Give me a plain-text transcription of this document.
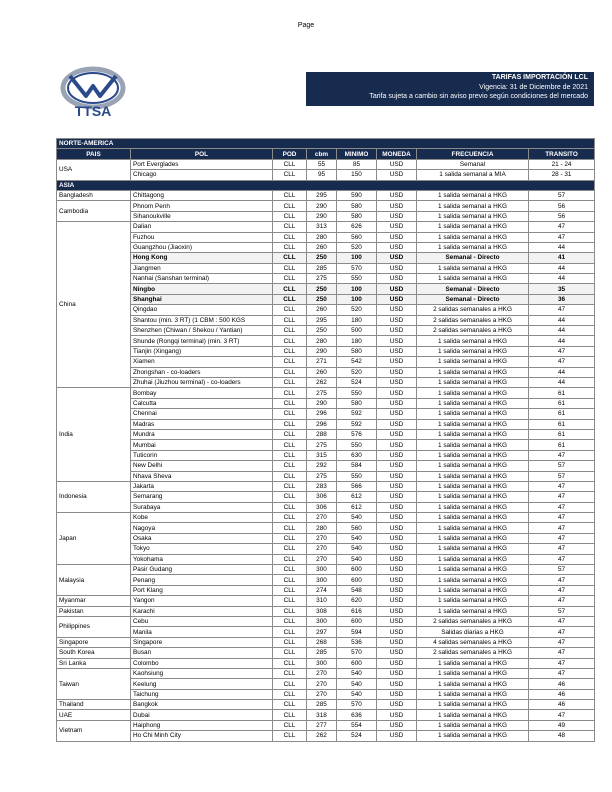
Page
TTSA
TARIFAS IMPORTACIÓN LCL
Vigencia: 31 de Diciembre de 2021
Tarifa sujeta a cambio sin aviso previo según condiciones del mercado
NORTE-AMERICA							
PAIS	POL	POD	cbm	MINIMO	MONEDA	FRECUENCIA	TRANSITO
USA	Port Everglades	CLL	55	85	USD	Semanal	21 - 24
	Chicago	CLL	95	150	USD	1 salida semanal a MIA	28 - 31
ASIA							
Bangladesh	Chittagong	CLL	295	590	USD	1 salida semanal a HKG	57
Cambodia	Phnom Penh	CLL	290	580	USD	1 salida semanal a HKG	56
	Sihanoukville	CLL	290	580	USD	1 salida semanal a HKG	56
China	Dalian	CLL	313	626	USD	1 salida semanal a HKG	47
	Fuzhou	CLL	280	560	USD	1 salida semanal a HKG	47
	Guangzhou (Jiaoxin)	CLL	260	520	USD	1 salida semanal a HKG	44
	Hong Kong	CLL	250	100	USD	Semanal - Directo	41
	Jiangmen	CLL	285	570	USD	1 salida semanal a HKG	44
	Nanhai (Sanshan terminal)	CLL	275	550	USD	1 salida semanal a HKG	44
	Ningbo	CLL	250	100	USD	Semanal - Directo	35
	Shanghai	CLL	250	100	USD	Semanal - Directo	36
	Qingdao	CLL	260	520	USD	2 salidas semanales a HKG	47
	Shantou (min. 3 RT) (1 CBM : 500 KGS	CLL	295	180	USD	2 salidas semanales a HKG	44
	Shenzhen (Chiwan / Shekou / Yantian)	CLL	250	500	USD	2 salidas semanales a HKG	44
	Shunde (Rongqi terminal) (min. 3 RT)	CLL	280	180	USD	1 salida semanal a HKG	44
	Tianjin (Xingang)	CLL	290	580	USD	1 salida semanal a HKG	47
	Xiamen	CLL	271	542	USD	1 salida semanal a HKG	47
	Zhongshan - co-loaders	CLL	260	520	USD	1 salida semanal a HKG	44
	Zhuhai (Jiuzhou terminal) - co-loaders	CLL	262	524	USD	1 salida semanal a HKG	44
India	Bombay	CLL	275	550	USD	1 salida semanal a HKG	61
	Calcutta	CLL	290	580	USD	1 salida semanal a HKG	61
	Chennai	CLL	296	592	USD	1 salida semanal a HKG	61
	Madras	CLL	296	592	USD	1 salida semanal a HKG	61
	Mundra	CLL	288	576	USD	1 salida semanal a HKG	61
	Mumbai	CLL	275	550	USD	1 salida semanal a HKG	61
	Tuticorin	CLL	315	630	USD	1 salida semanal a HKG	47
	New Delhi	CLL	292	584	USD	1 salida semanal a HKG	57
	Nhava Sheva	CLL	275	550	USD	1 salida semanal a HKG	57
Indonesia	Jakarta	CLL	283	566	USD	1 salida semanal a HKG	47
	Semarang	CLL	306	612	USD	1 salida semanal a HKG	47
	Surabaya	CLL	306	612	USD	1 salida semanal a HKG	47
Japan	Kobe	CLL	270	540	USD	1 salida semanal a HKG	47
	Nagoya	CLL	280	560	USD	1 salida semanal a HKG	47
	Osaka	CLL	270	540	USD	1 salida semanal a HKG	47
	Tokyo	CLL	270	540	USD	1 salida semanal a HKG	47
	Yokohama	CLL	270	540	USD	1 salida semanal a HKG	47
Malaysia	Pasir Gudang	CLL	300	600	USD	1 salida semanal a HKG	57
	Penang	CLL	300	600	USD	1 salida semanal a HKG	47
	Port Klang	CLL	274	548	USD	1 salida semanal a HKG	47
Myanmar	Yangon	CLL	310	620	USD	1 salida semanal a HKG	47
Pakistan	Karachi	CLL	308	616	USD	1 salida semanal a HKG	57
Philippines	Cebu	CLL	300	600	USD	2 salidas semanales a HKG	47
	Manila	CLL	297	594	USD	Salidas diarias a HKG	47
Singapore	Singapore	CLL	268	536	USD	4 salidas semanales a HKG	47
South Korea	Busan	CLL	285	570	USD	2 salidas semanales a HKG	47
Sri Lanka	Colombo	CLL	300	600	USD	1 salida semanal a HKG	47
Taiwan	Kaohsiung	CLL	270	540	USD	1 salida semanal a HKG	47
	Keelung	CLL	270	540	USD	1 salida semanal a HKG	46
	Taichung	CLL	270	540	USD	1 salida semanal a HKG	46
Thailand	Bangkok	CLL	285	570	USD	1 salida semanal a HKG	46
UAE	Dubai	CLL	318	636	USD	1 salida semanal a HKG	47
Vietnam	Haiphong	CLL	277	554	USD	1 salida semanal a HKG	49
	Ho Chi Minh City	CLL	262	524	USD	1 salida semanal a HKG	48
